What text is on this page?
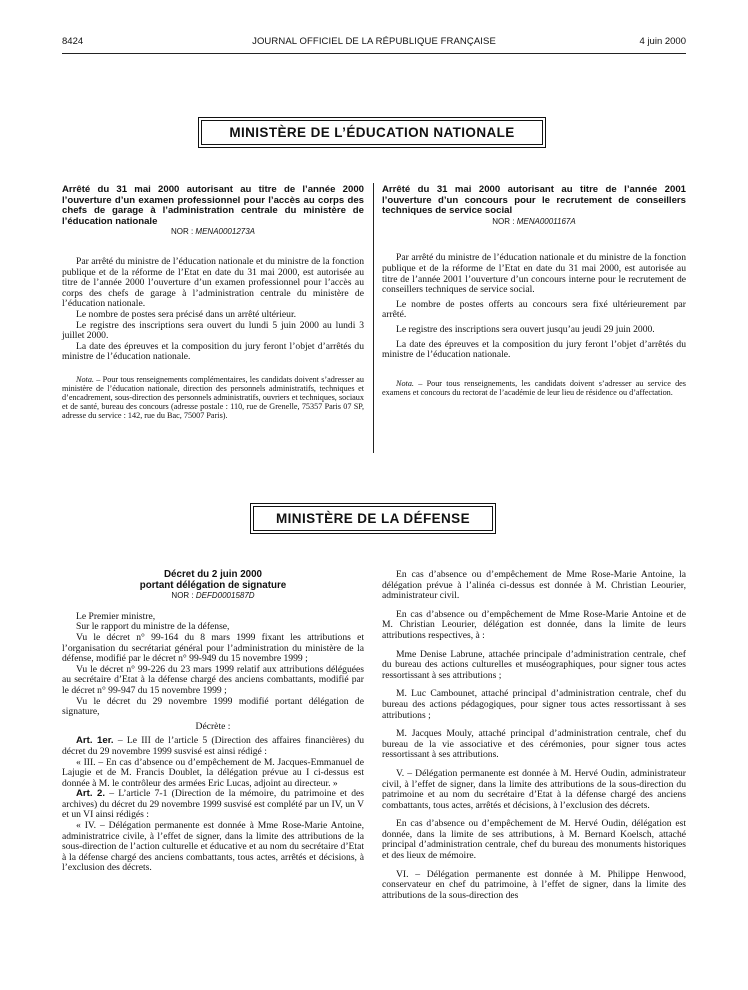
8424	JOURNAL OFFICIEL DE LA RÉPUBLIQUE FRANÇAISE	4 juin 2000
MINISTÈRE DE L’ÉDUCATION NATIONALE

Arrêté du 31 mai 2000 autorisant au titre de l’année 2000 l’ouverture d’un examen professionnel pour l’accès au corps des chefs de garage à l’administration centrale du ministère de l’éducation nationale

NOR : MENA0001273A

Par arrêté du ministre de l’éducation nationale et du ministre de la fonction publique et de la réforme de l’Etat en date du 31 mai 2000, est autorisée au titre de l’année 2000 l’ouverture d’un examen professionnel pour l’accès au corps des chefs de garage à l’administration centrale du ministère de l’éducation nationale.

Le nombre de postes sera précisé dans un arrêté ultérieur.

Le registre des inscriptions sera ouvert du lundi 5 juin 2000 au lundi 3 juillet 2000.

La date des épreuves et la composition du jury feront l’objet d’arrêtés du ministre de l’éducation nationale.

Nota. – Pour tous renseignements complémentaires, les candidats doivent s’adresser au ministère de l’éducation nationale, direction des personnels administratifs, techniques et d’encadrement, sous-direction des personnels administratifs, ouvriers et techniques, sociaux et de santé, bureau des concours (adresse postale : 110, rue de Grenelle, 75357 Paris 07 SP, adresse du service : 142, rue du Bac, 75007 Paris).

Arrêté du 31 mai 2000 autorisant au titre de l’année 2001 l’ouverture d’un concours pour le recrutement de conseillers techniques de service social

NOR : MENA0001167A

Par arrêté du ministre de l’éducation nationale et du ministre de la fonction publique et de la réforme de l’Etat en date du 31 mai 2000, est autorisée au titre de l’année 2001 l’ouverture d’un concours interne pour le recrutement de conseillers techniques de service social.

Le nombre de postes offerts au concours sera fixé ultérieurement par arrêté.

Le registre des inscriptions sera ouvert jusqu’au jeudi 29 juin 2000.

La date des épreuves et la composition du jury feront l’objet d’arrêtés du ministre de l’éducation nationale.

Nota. – Pour tous renseignements, les candidats doivent s’adresser au service des examens et concours du rectorat de l’académie de leur lieu de résidence ou d’affectation.

MINISTÈRE DE LA DÉFENSE

Décret du 2 juin 2000

portant délégation de signature

NOR : DEFD0001587D

Le Premier ministre,

Sur le rapport du ministre de la défense,

Vu le décret n° 99-164 du 8 mars 1999 fixant les attributions et l’organisation du secrétariat général pour l’administration du ministère de la défense, modifié par le décret n° 99-949 du 15 novembre 1999 ;

Vu le décret n° 99-226 du 23 mars 1999 relatif aux attributions déléguées au secrétaire d’Etat à la défense chargé des anciens combattants, modifié par le décret n° 99-947 du 15 novembre 1999 ;

Vu le décret du 29 novembre 1999 modifié portant délégation de signature,

Décrète :

Art. 1er. – Le III de l’article 5 (Direction des affaires financières) du décret du 29 novembre 1999 susvisé est ainsi rédigé :

« III. – En cas d’absence ou d’empêchement de M. Jacques-Emmanuel de Lajugie et de M. Francis Doublet, la délégation prévue au I ci-dessus est donnée à M. le contrôleur des armées Eric Lucas, adjoint au directeur. »

Art. 2. – L’article 7-1 (Direction de la mémoire, du patrimoine et des archives) du décret du 29 novembre 1999 susvisé est complété par un IV, un V et un VI ainsi rédigés :

« IV. – Délégation permanente est donnée à Mme Rose-Marie Antoine, administratrice civile, à l’effet de signer, dans la limite des attributions de la sous-direction de l’action culturelle et éducative et au nom du secrétaire d’Etat à la défense chargé des anciens combattants, tous actes, arrêtés et décisions, à l’exclusion des décrets.

En cas d’absence ou d’empêchement de Mme Rose-Marie Antoine, la délégation prévue à l’alinéa ci-dessus est donnée à M. Christian Leourier, administrateur civil.

En cas d’absence ou d’empêchement de Mme Rose-Marie Antoine et de M. Christian Leourier, délégation est donnée, dans la limite de leurs attributions respectives, à :

Mme Denise Labrune, attachée principale d’administration centrale, chef du bureau des actions culturelles et muséographiques, pour signer tous actes ressortissant à ses attributions ;

M. Luc Cambounet, attaché principal d’administration centrale, chef du bureau des actions pédagogiques, pour signer tous actes ressortissant à ses attributions ;

M. Jacques Mouly, attaché principal d’administration centrale, chef du bureau de la vie associative et des cérémonies, pour signer tous actes ressortissant à ses attributions.

V. – Délégation permanente est donnée à M. Hervé Oudin, administrateur civil, à l’effet de signer, dans la limite des attributions de la sous-direction du patrimoine et au nom du secrétaire d’Etat à la défense chargé des anciens combattants, tous actes, arrêtés et décisions, à l’exclusion des décrets.

En cas d’absence ou d’empêchement de M. Hervé Oudin, délégation est donnée, dans la limite de ses attributions, à M. Bernard Koelsch, attaché principal d’administration centrale, chef du bureau des monuments historiques et des lieux de mémoire.

VI. – Délégation permanente est donnée à M. Philippe Henwood, conservateur en chef du patrimoine, à l’effet de signer, dans la limite des attributions de la sous-direction des
